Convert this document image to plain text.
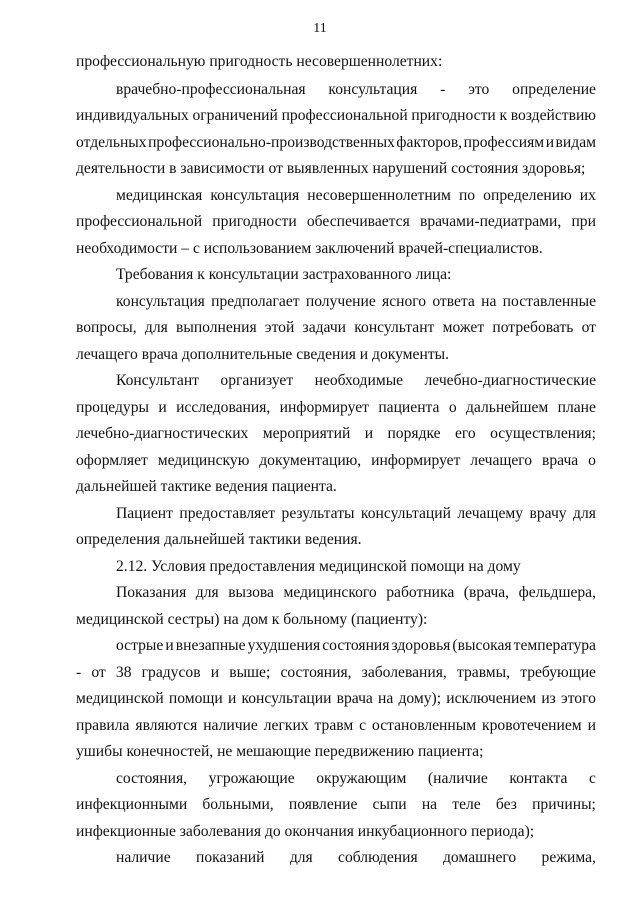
11
профессиональную пригодность несовершеннолетних:
врачебно-профессиональная консультация - это определение
индивидуальных ограничений профессиональной пригодности к воздействию
отдельных профессионально-производственных факторов, профессиям и видам
деятельности в зависимости от выявленных нарушений состояния здоровья;
медицинская консультация несовершеннолетним по определению их
профессиональной пригодности обеспечивается врачами-педиатрами, при
необходимости – с использованием заключений врачей-специалистов.
Требования к консультации застрахованного лица:
консультация предполагает получение ясного ответа на поставленные
вопросы, для выполнения этой задачи консультант может потребовать от
лечащего врача дополнительные сведения и документы.
Консультант организует необходимые лечебно-диагностические
процедуры и исследования, информирует пациента о дальнейшем плане
лечебно-диагностических мероприятий и порядке его осуществления;
оформляет медицинскую документацию, информирует лечащего врача о
дальнейшей тактике ведения пациента.
Пациент предоставляет результаты консультаций лечащему врачу для
определения дальнейшей тактики ведения.
2.12. Условия предоставления медицинской помощи на дому
Показания для вызова медицинского работника (врача, фельдшера,
медицинской сестры) на дом к больному (пациенту):
острые и внезапные ухудшения состояния здоровья (высокая температура
- от 38 градусов и выше; состояния, заболевания, травмы, требующие
медицинской помощи и консультации врача на дому); исключением из этого
правила являются наличие легких травм с остановленным кровотечением и
ушибы конечностей, не мешающие передвижению пациента;
состояния, угрожающие окружающим (наличие контакта с
инфекционными больными, появление сыпи на теле без причины;
инфекционные заболевания до окончания инкубационного периода);
наличие показаний для соблюдения домашнего режима,
